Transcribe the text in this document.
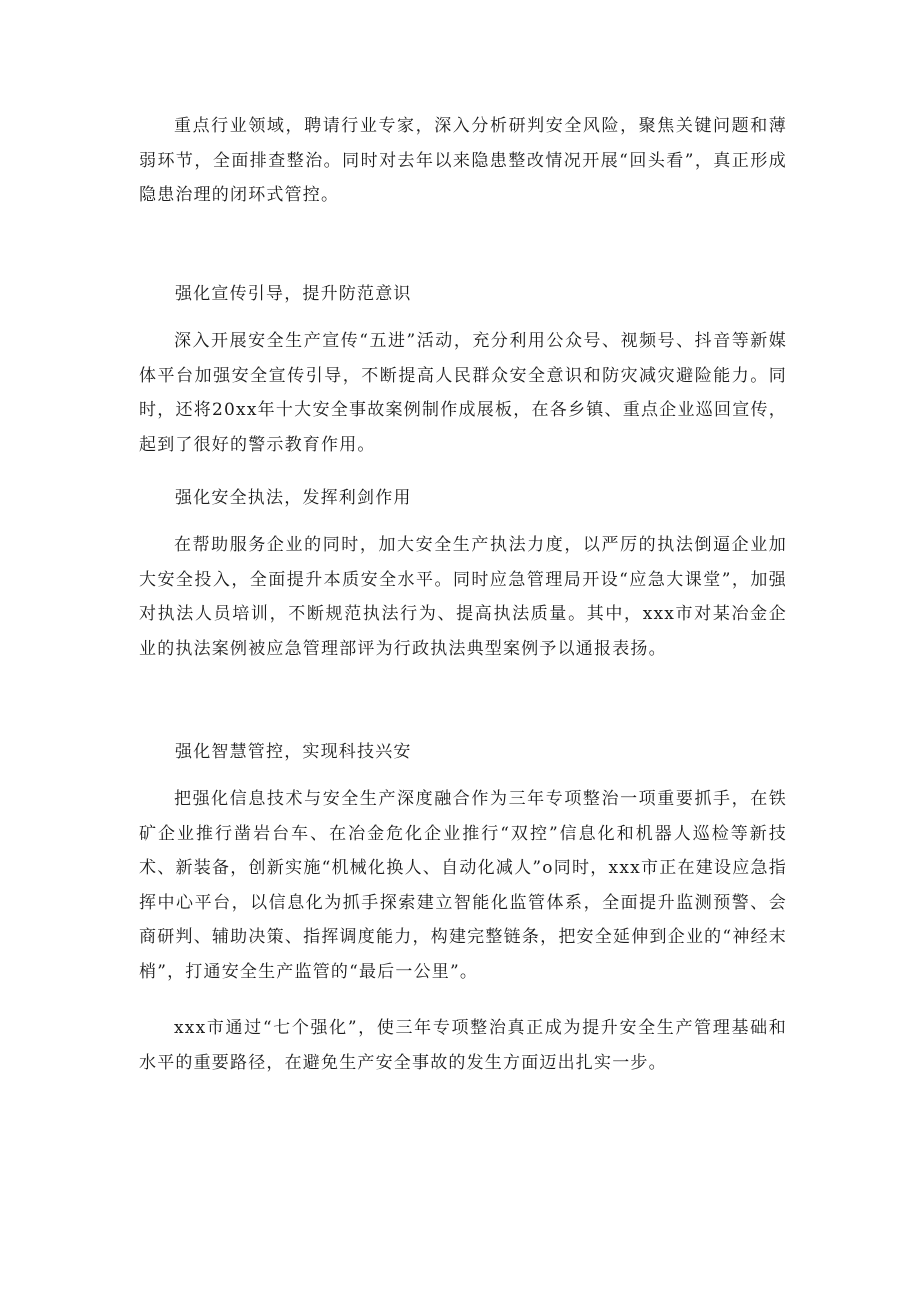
重点行业领域，聘请行业专家，深入分析研判安全风险，聚焦关键问题和薄弱环节，全面排查整治。同时对去年以来隐患整改情况开展“回头看”，真正形成隐患治理的闭环式管控。

强化宣传引导，提升防范意识

深入开展安全生产宣传“五进”活动，充分利用公众号、视频号、抖音等新媒体平台加强安全宣传引导，不断提高人民群众安全意识和防灾减灾避险能力。同时，还将20xx年十大安全事故案例制作成展板，在各乡镇、重点企业巡回宣传，起到了很好的警示教育作用。

强化安全执法，发挥利剑作用

在帮助服务企业的同时，加大安全生产执法力度，以严厉的执法倒逼企业加大安全投入，全面提升本质安全水平。同时应急管理局开设“应急大课堂”，加强对执法人员培训，不断规范执法行为、提高执法质量。其中，xxx市对某冶金企业的执法案例被应急管理部评为行政执法典型案例予以通报表扬。

强化智慧管控，实现科技兴安

把强化信息技术与安全生产深度融合作为三年专项整治一项重要抓手，在铁矿企业推行凿岩台车、在冶金危化企业推行“双控”信息化和机器人巡检等新技术、新装备，创新实施“机械化换人、自动化减人”o同时，xxx市正在建设应急指挥中心平台，以信息化为抓手探索建立智能化监管体系，全面提升监测预警、会商研判、辅助决策、指挥调度能力，构建完整链条，把安全延伸到企业的“神经末梢”，打通安全生产监管的“最后一公里”。

xxx市通过“七个强化”，使三年专项整治真正成为提升安全生产管理基础和水平的重要路径，在避免生产安全事故的发生方面迈出扎实一步。
